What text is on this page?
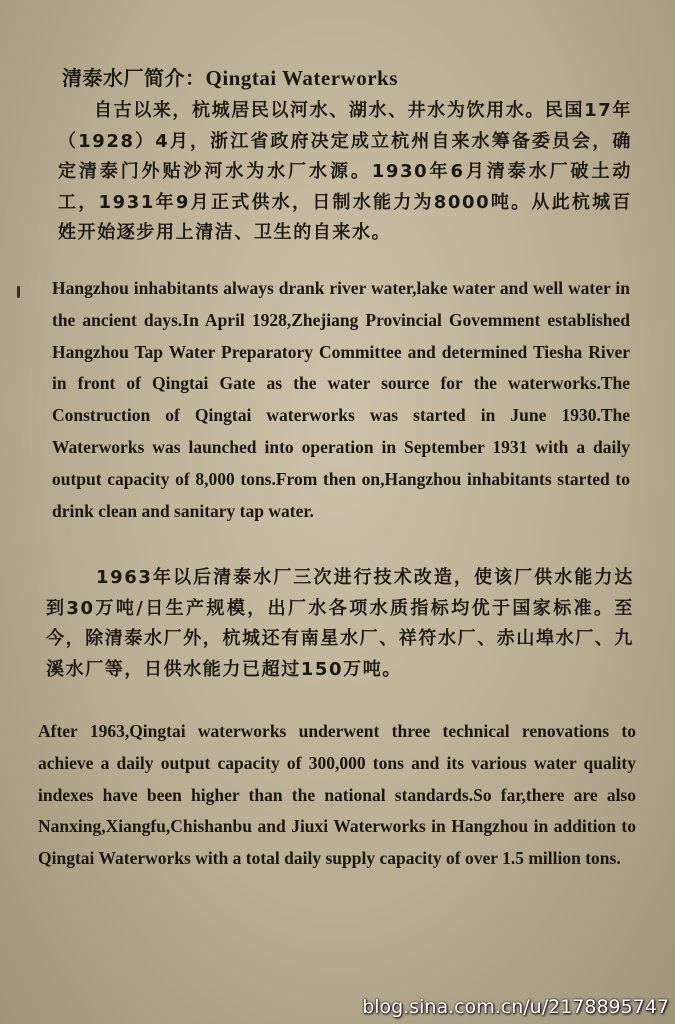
清泰水厂简介：Qingtai Waterworks

自古以来，杭城居民以河水、湖水、井水为饮用水。民国17年（1928）4月，浙江省政府决定成立杭州自来水筹备委员会，确定清泰门外贴沙河水为水厂水源。1930年6月清泰水厂破土动工，1931年9月正式供水，日制水能力为8000吨。从此杭城百姓开始逐步用上清洁、卫生的自来水。

Hangzhou inhabitants always drank river water,lake water and well water in the ancient days.In April 1928,Zhejiang Provincial Govemment established Hangzhou Tap Water Preparatory Committee and determined Tiesha River in front of Qingtai Gate as the water source for the waterworks.The Construction of Qingtai waterworks was started in June 1930.The Waterworks was launched into operation in September 1931 with a daily output capacity of 8,000 tons.From then on,Hangzhou inhabitants started to drink clean and sanitary tap water.

1963年以后清泰水厂三次进行技术改造，使该厂供水能力达到30万吨/日生产规模，出厂水各项水质指标均优于国家标准。至今，除清泰水厂外，杭城还有南星水厂、祥符水厂、赤山埠水厂、九溪水厂等，日供水能力已超过150万吨。

After 1963,Qingtai waterworks underwent three technical renovations to achieve a daily output capacity of 300,000 tons and its various water quality indexes have been higher than the national standards.So far,there are also Nanxing,Xiangfu,Chishanbu and Jiuxi Waterworks in Hangzhou in addition to Qingtai Waterworks with a total daily supply capacity of over 1.5 million tons.

blog.sina.com.cn/u/2178895747
